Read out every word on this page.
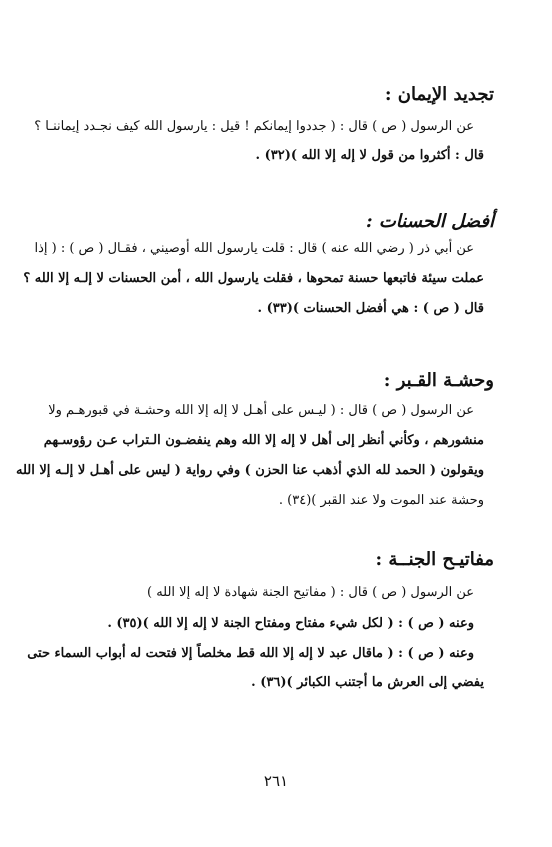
تجديد الإيمان :
عن الرسول ( ص ) قال : ( جددوا إيمانكم ! قيل : يارسول الله كيف نجـدد إيماننـا ؟
قال : أكثروا من قول لا إله إلا الله )(٣٢) .
أفضل الحسنات :
عن أبي ذر ( رضي الله عنه ) قال : قلت يارسول الله أوصيني ، فقـال ( ص ) : ( إذا
عملت سيئة فاتبعها حسنة تمحوها ، فقلت يارسول الله ، أمن الحسنات لا إلـه إلا الله ؟
قال ( ص ) : هي أفضل الحسنات )(٣٣) .
وحشـة القـبر :
عن الرسول ( ص ) قال : ( ليـس على أهـل لا إله إلا الله وحشـة في قبورهـم ولا
منشورهم ، وكأني أنظر إلى أهل لا إله إلا الله وهم ينفضـون الـتراب عـن رؤوسـهم
ويقولون ( الحمد لله الذي أذهب عنا الحزن ) وفي رواية ( ليس على أهـل لا إلـه إلا الله
وحشة عند الموت ولا عند القبر )(٣٤) .
مفاتيـح الجنــة :
عن الرسول ( ص ) قال : ( مفاتيح الجنة شهادة لا إله إلا الله )
وعنه ( ص ) : ( لكل شيء مفتاح ومفتاح الجنة لا إله إلا الله )(٣٥) .
وعنه ( ص ) : ( ماقال عبد لا إله إلا الله قط مخلصاً إلا فتحت له أبواب السماء حتى
يفضي إلى العرش ما أجتنب الكبائر )(٣٦) .
٢٦١
